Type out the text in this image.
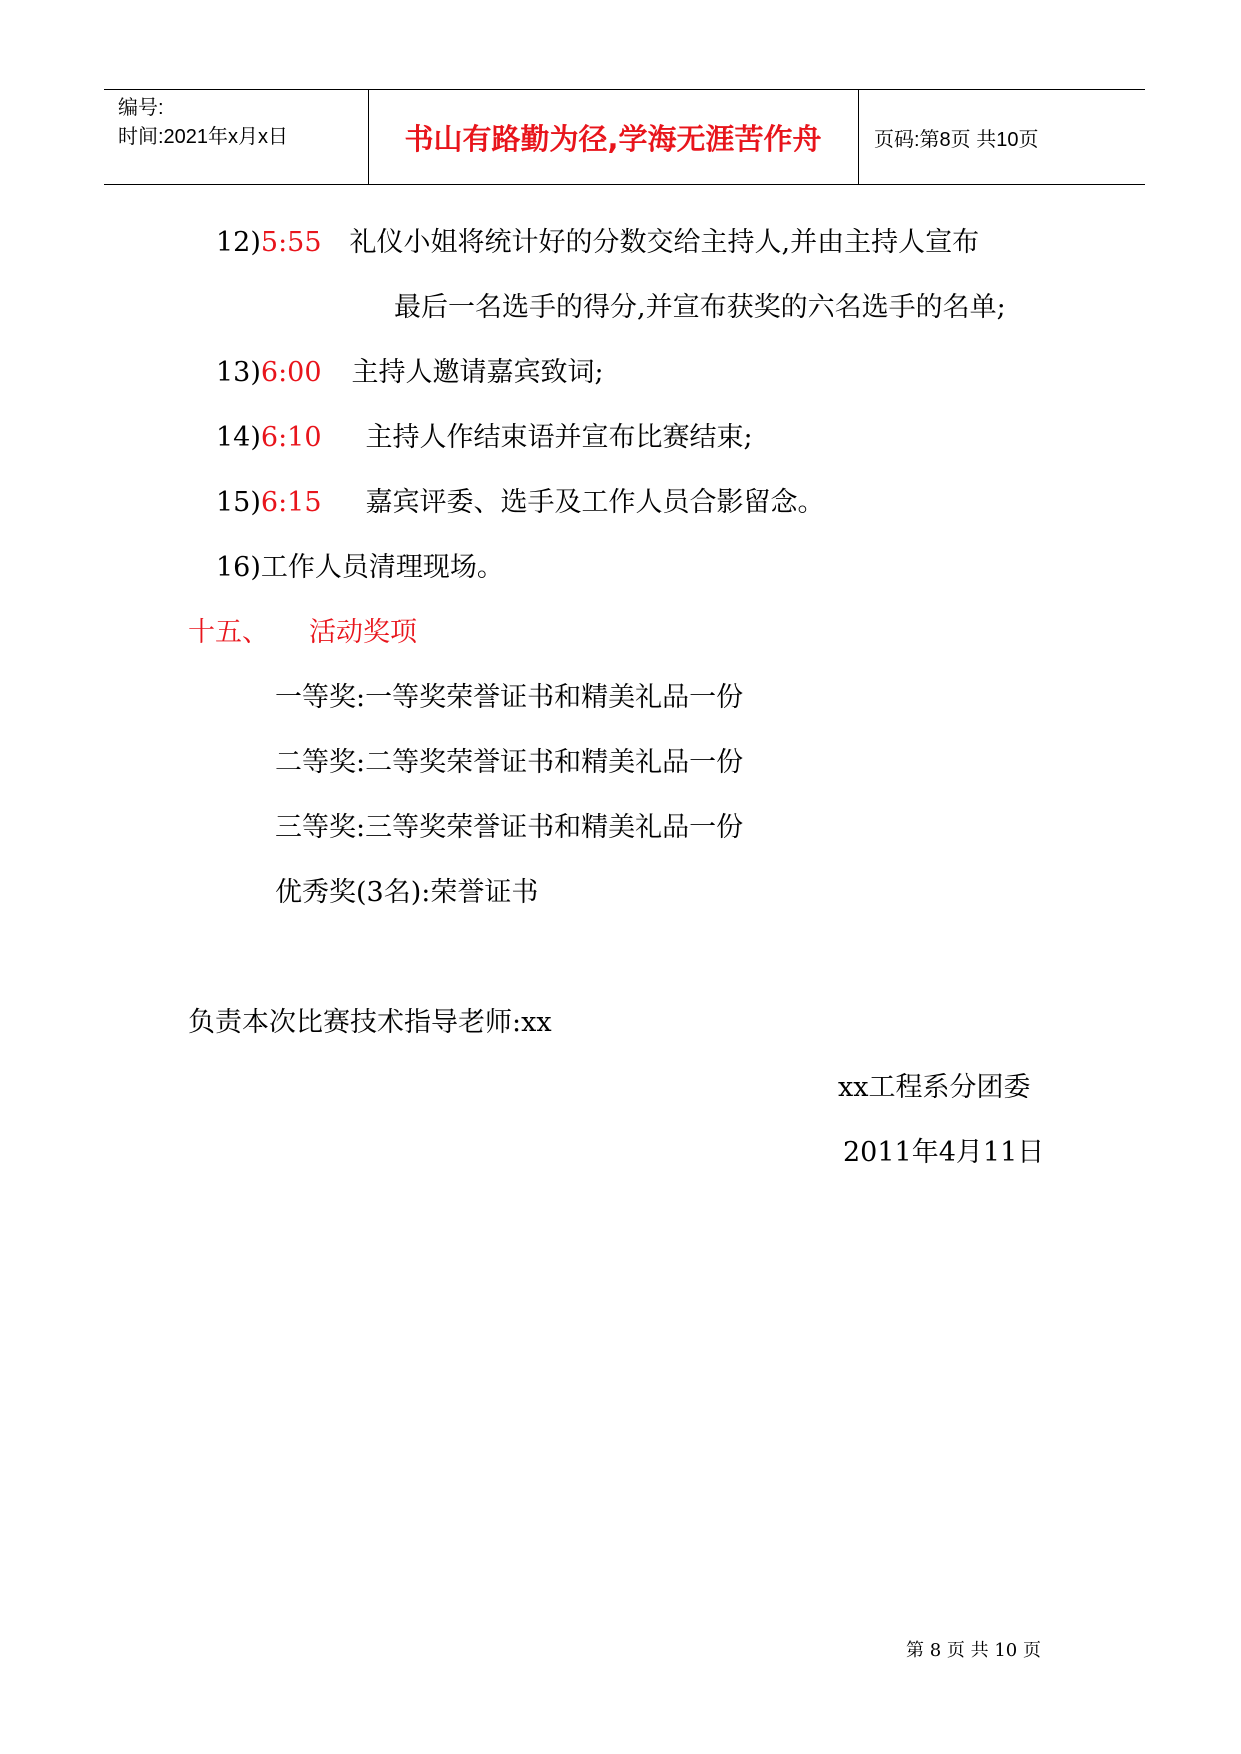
编号:
时间:2021年x月x日	书山有路勤为径,学海无涯苦作舟	页码:第8页 共10页
12)5:55 礼仪小姐将统计好的分数交给主持人,并由主持人宣布
最后一名选手的得分,并宣布获奖的六名选手的名单;
13)6:00 主持人邀请嘉宾致词;
14)6:10 主持人作结束语并宣布比赛结束;
15)6:15 嘉宾评委、选手及工作人员合影留念。
16)工作人员清理现场。
十五、 活动奖项
一等奖:一等奖荣誉证书和精美礼品一份
二等奖:二等奖荣誉证书和精美礼品一份
三等奖:三等奖荣誉证书和精美礼品一份
优秀奖(3名):荣誉证书
负责本次比赛技术指导老师:xx
xx工程系分团委
2011年4月11日
第 8 页 共 10 页
